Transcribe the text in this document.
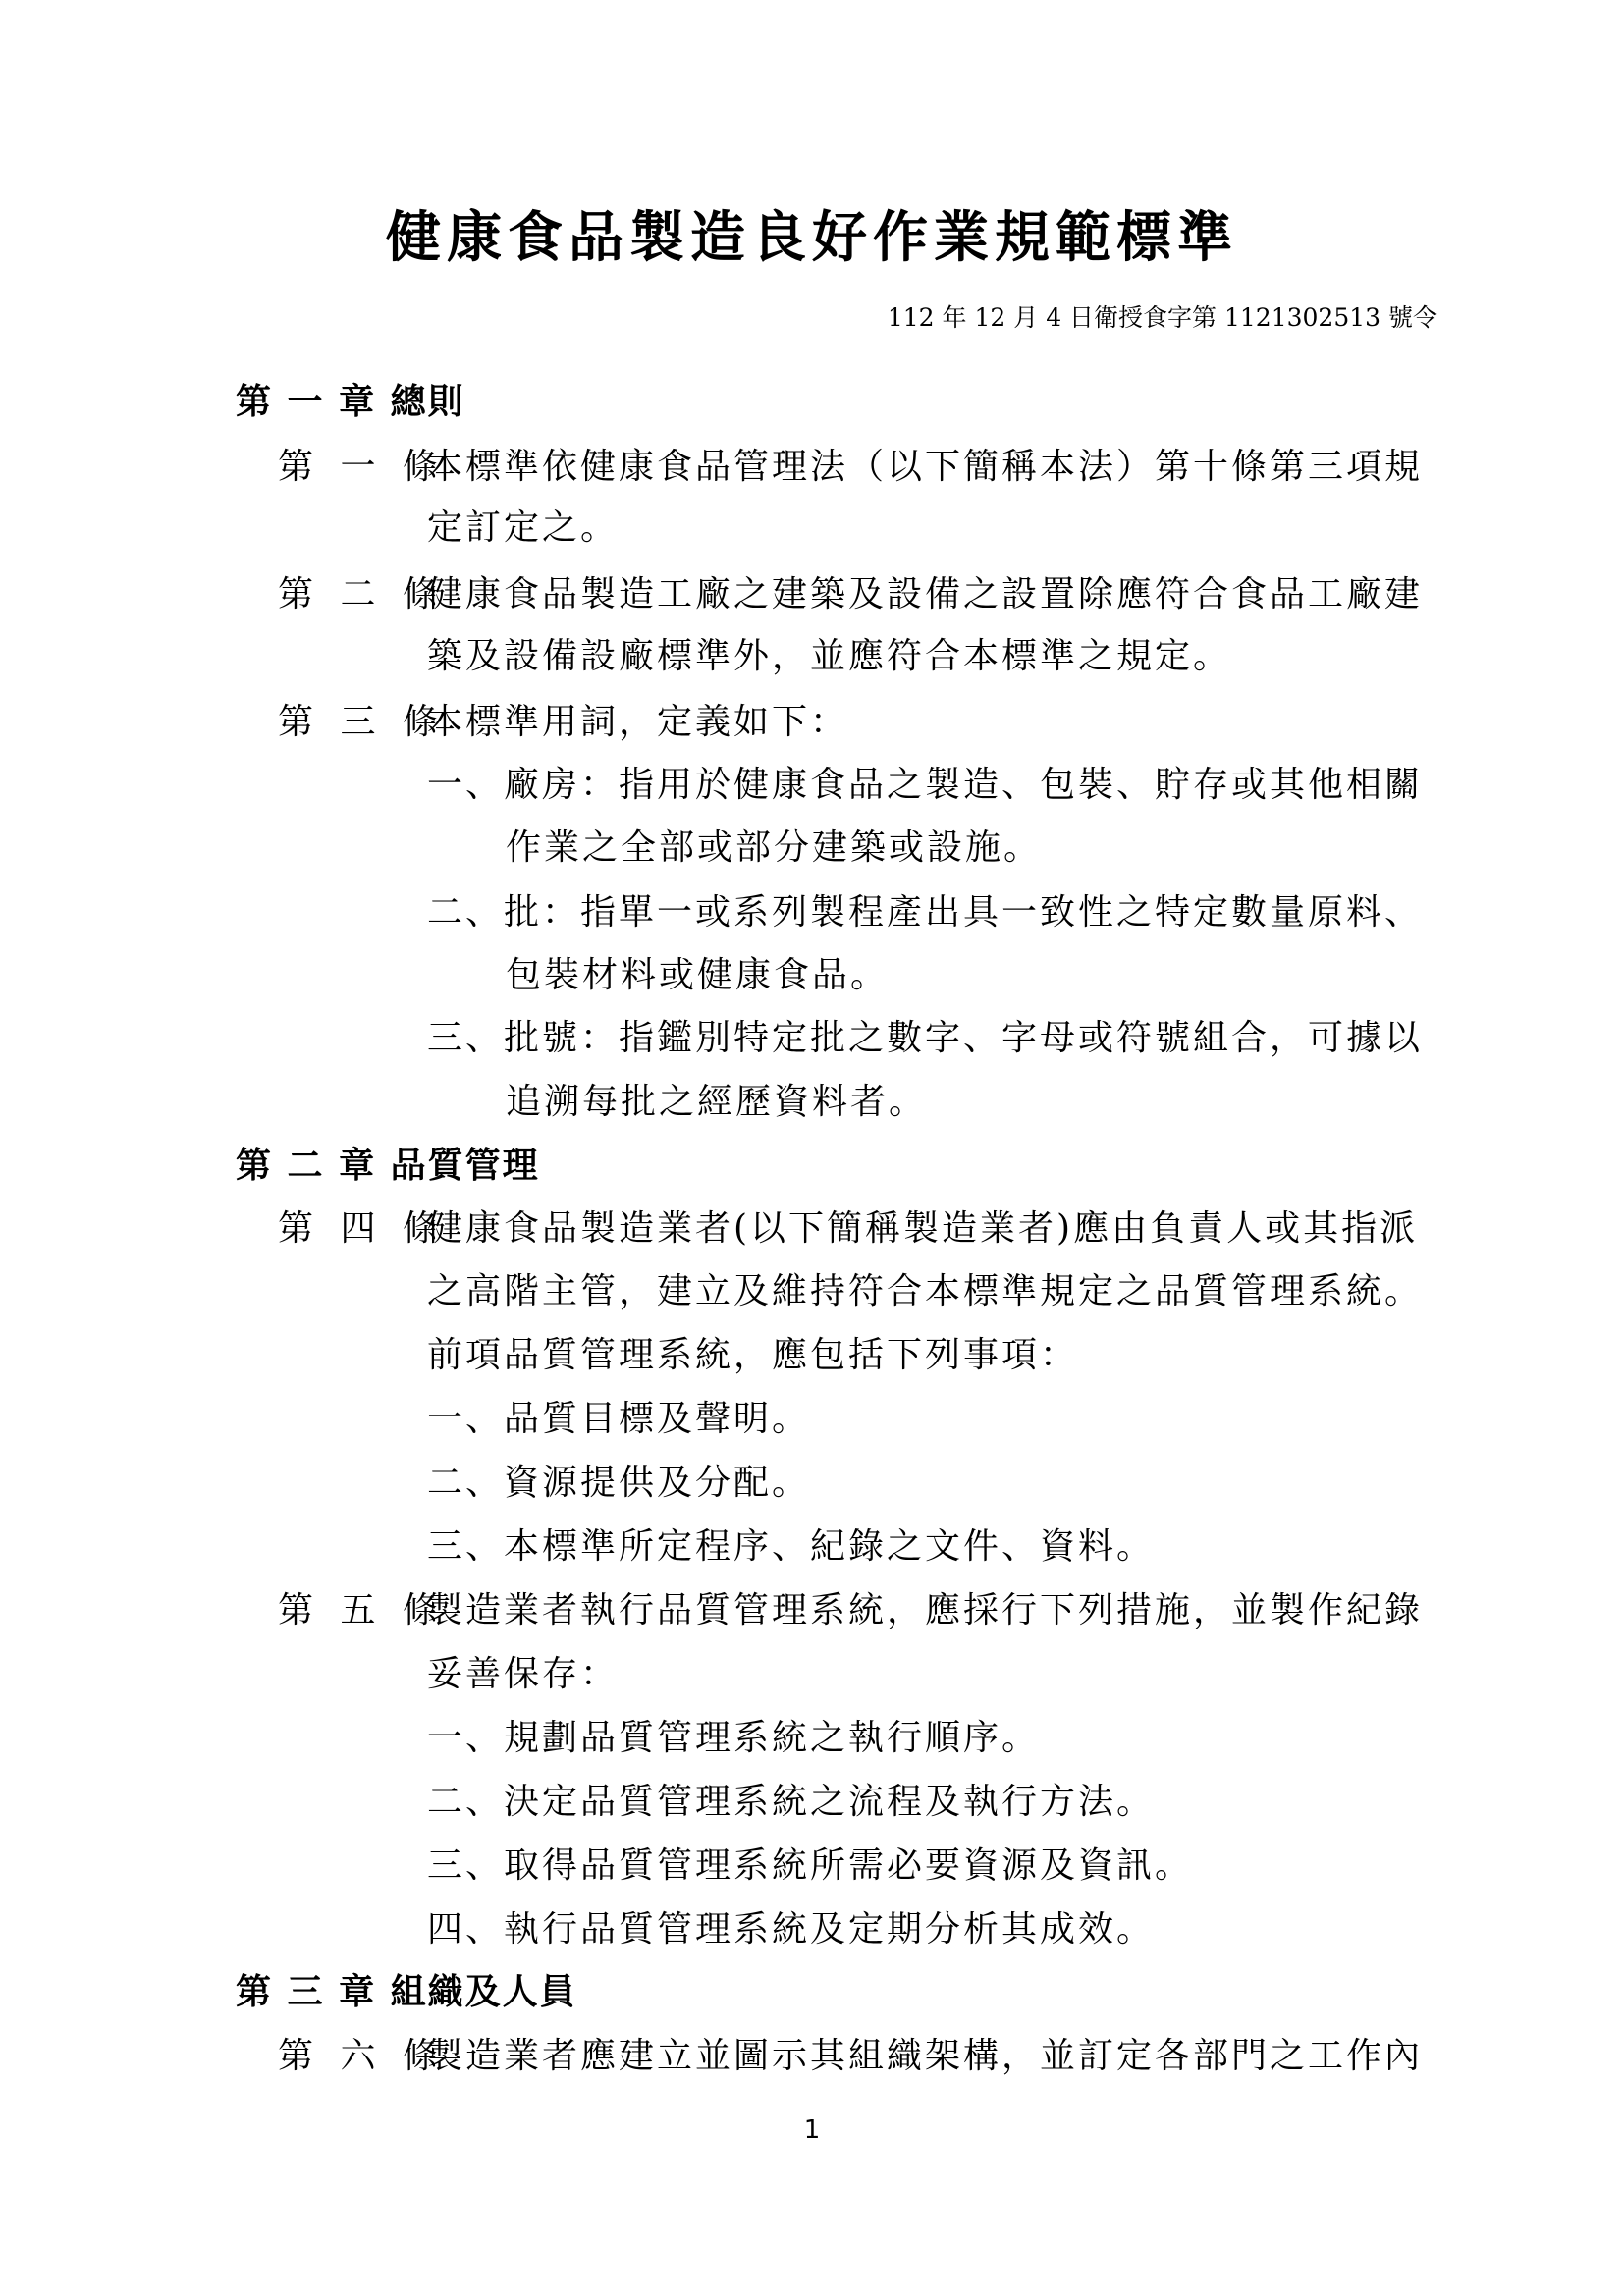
健康食品製造良好作業規範標準
112 年 12 月 4 日衛授食字第 1121302513 號令
第 一 章 總則
第 一 條
本標準依健康食品管理法（以下簡稱本法）第十條第三項規
定訂定之。
第 二 條
健康食品製造工廠之建築及設備之設置除應符合食品工廠建
築及設備設廠標準外，並應符合本標準之規定。
第 三 條
本標準用詞，定義如下：
一、廠房：指用於健康食品之製造、包裝、貯存或其他相關
作業之全部或部分建築或設施。
二、批：指單一或系列製程產出具一致性之特定數量原料、
包裝材料或健康食品。
三、批號：指鑑別特定批之數字、字母或符號組合，可據以
追溯每批之經歷資料者。
第 二 章 品質管理
第 四 條
健康食品製造業者(以下簡稱製造業者)應由負責人或其指派
之高階主管，建立及維持符合本標準規定之品質管理系統。
前項品質管理系統，應包括下列事項：
一、品質目標及聲明。
二、資源提供及分配。
三、本標準所定程序、紀錄之文件、資料。
第 五 條
製造業者執行品質管理系統，應採行下列措施，並製作紀錄
妥善保存：
一、規劃品質管理系統之執行順序。
二、決定品質管理系統之流程及執行方法。
三、取得品質管理系統所需必要資源及資訊。
四、執行品質管理系統及定期分析其成效。
第 三 章 組織及人員
第 六 條
製造業者應建立並圖示其組織架構，並訂定各部門之工作內
1
